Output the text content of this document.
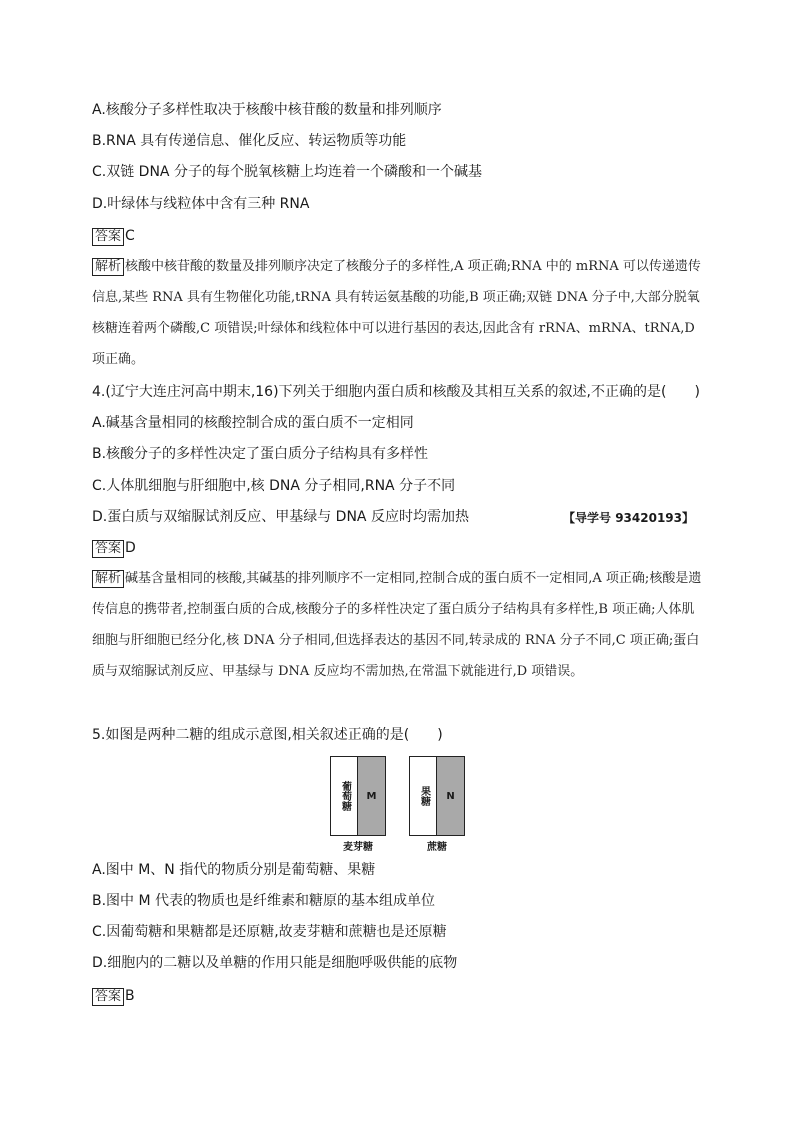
A.核酸分子多样性取决于核酸中核苷酸的数量和排列顺序
B.RNA 具有传递信息、催化反应、转运物质等功能
C.双链 DNA 分子的每个脱氧核糖上均连着一个磷酸和一个碱基
D.叶绿体与线粒体中含有三种 RNA
答案 C
解析 核酸中核苷酸的数量及排列顺序决定了核酸分子的多样性,A 项正确;RNA 中的 mRNA 可以传递遗传信息,某些 RNA 具有生物催化功能,tRNA 具有转运氨基酸的功能,B 项正确;双链 DNA 分子中,大部分脱氧核糖连着两个磷酸,C 项错误;叶绿体和线粒体中可以进行基因的表达,因此含有 rRNA、mRNA、tRNA,D 项正确。
4.(辽宁大连庄河高中期末,16)下列关于细胞内蛋白质和核酸及其相互关系的叙述,不正确的是(　　)
A.碱基含量相同的核酸控制合成的蛋白质不一定相同
B.核酸分子的多样性决定了蛋白质分子结构具有多样性
C.人体肌细胞与肝细胞中,核 DNA 分子相同,RNA 分子不同
D.蛋白质与双缩脲试剂反应、甲基绿与 DNA 反应时均需加热	【导学号 93420193】
答案 D
解析 碱基含量相同的核酸,其碱基的排列顺序不一定相同,控制合成的蛋白质不一定相同,A 项正确;核酸是遗传信息的携带者,控制蛋白质的合成,核酸分子的多样性决定了蛋白质分子结构具有多样性,B 项正确;人体肌细胞与肝细胞已经分化,核 DNA 分子相同,但选择表达的基因不同,转录成的 RNA 分子不同,C 项正确;蛋白质与双缩脲试剂反应、甲基绿与 DNA 反应均不需加热,在常温下就能进行,D 项错误。
5.如图是两种二糖的组成示意图,相关叙述正确的是(　　)
葡萄糖	M
麦芽糖
果糖	N
蔗糖
A.图中 M、N 指代的物质分别是葡萄糖、果糖
B.图中 M 代表的物质也是纤维素和糖原的基本组成单位
C.因葡萄糖和果糖都是还原糖,故麦芽糖和蔗糖也是还原糖
D.细胞内的二糖以及单糖的作用只能是细胞呼吸供能的底物
答案 B
